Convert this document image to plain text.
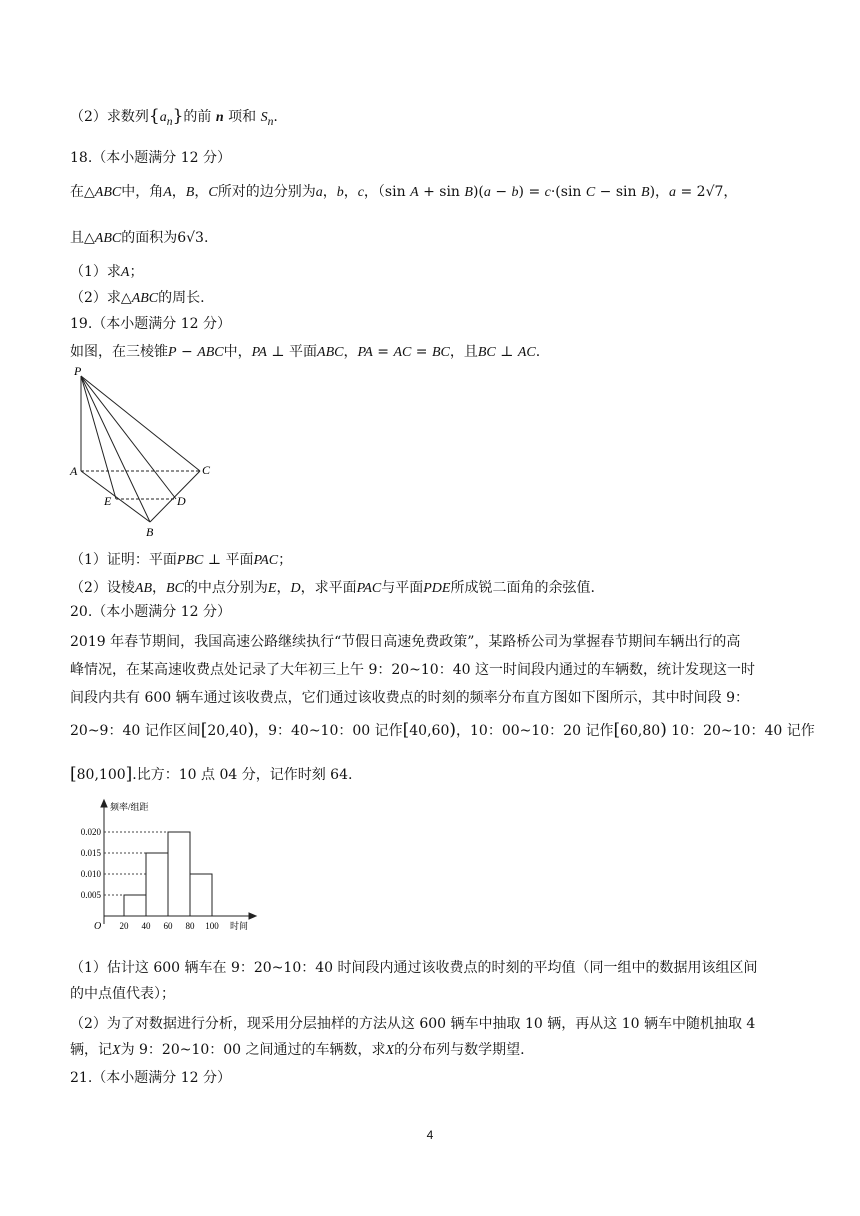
（2）求数列$\{a_n\}$的前 n 项和 $S_n$.
18.（本小题满分 12 分）
在△ABC中，角A，B，C所对的边分别为a，b，c，（sin A + sin B)(a − b) = c·(sin C − sin B)，a = 2√7，
且△ABC的面积为6√3.
（1）求A；
（2）求△ABC的周长.
19.（本小题满分 12 分）
如图，在三棱锥P − ABC中，PA ⊥ 平面ABC，PA = AC = BC，且BC ⊥ AC.
P
A	C
E	D
B
（1）证明：平面PBC ⊥ 平面PAC；
（2）设棱AB，BC的中点分别为E，D，求平面PAC与平面PDE所成锐二面角的余弦值.
20.（本小题满分 12 分）
2019 年春节期间，我国高速公路继续执行“节假日高速免费政策”，某路桥公司为掌握春节期间车辆出行的高
峰情况，在某高速收费点处记录了大年初三上午 9：20~10：40 这一时间段内通过的车辆数，统计发现这一时
间段内共有 600 辆车通过该收费点，它们通过该收费点的时刻的频率分布直方图如下图所示，其中时间段 9：
20~9：40 记作区间[20,40)，9：40~10：00 记作[40,60)，10：00~10：20 记作[60,80) 10：20~10：40 记作
[80,100].比方：10 点 04 分，记作时刻 64.
0.005
0.010
0.015
0.020
20 40 60 80 100
频率/组距
时间
O
（1）估计这 600 辆车在 9：20~10：40 时间段内通过该收费点的时刻的平均值（同一组中的数据用该组区间
的中点值代表）；
（2）为了对数据进行分析，现采用分层抽样的方法从这 600 辆车中抽取 10 辆，再从这 10 辆车中随机抽取 4
辆，记X为 9：20~10：00 之间通过的车辆数，求X的分布列与数学期望.
21.（本小题满分 12 分）
4
